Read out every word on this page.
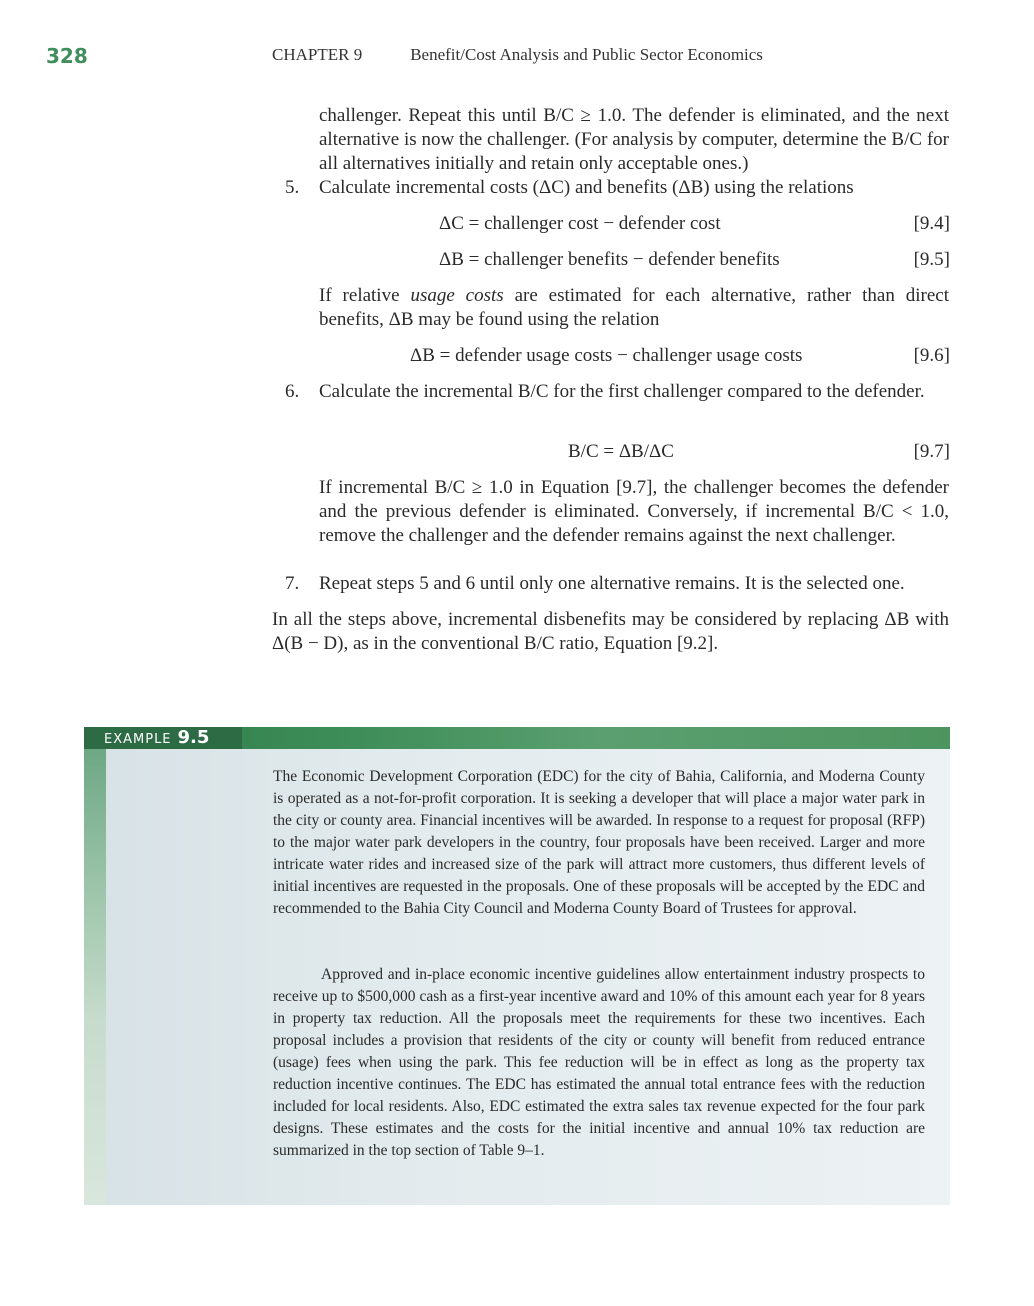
328	CHAPTER 9	Benefit/Cost Analysis and Public Sector Economics

challenger. Repeat this until B/C ≥ 1.0. The defender is eliminated, and the next alternative is now the challenger. (For analysis by computer, determine the B/C for all alternatives initially and retain only acceptable ones.)

5. Calculate incremental costs (ΔC) and benefits (ΔB) using the relations

ΔC = challenger cost − defender cost	[9.4]
ΔB = challenger benefits − defender benefits	[9.5]

If relative usage costs are estimated for each alternative, rather than direct benefits, ΔB may be found using the relation

ΔB = defender usage costs − challenger usage costs	[9.6]
6. Calculate the incremental B/C for the first challenger compared to the defender.

B/C = ΔB/ΔC	[9.7]

If incremental B/C ≥ 1.0 in Equation [9.7], the challenger becomes the defender and the previous defender is eliminated. Conversely, if incremental B/C < 1.0, remove the challenger and the defender remains against the next challenger.

7. Repeat steps 5 and 6 until only one alternative remains. It is the selected one.

In all the steps above, incremental disbenefits may be considered by replacing ΔB with Δ(B − D), as in the conventional B/C ratio, Equation [9.2].

EXAMPLE 9.5

The Economic Development Corporation (EDC) for the city of Bahia, California, and Moderna County is operated as a not-for-profit corporation. It is seeking a developer that will place a major water park in the city or county area. Financial incentives will be awarded. In response to a request for proposal (RFP) to the major water park developers in the country, four proposals have been received. Larger and more intricate water rides and increased size of the park will attract more customers, thus different levels of initial incentives are requested in the proposals. One of these proposals will be accepted by the EDC and recommended to the Bahia City Council and Moderna County Board of Trustees for approval.

Approved and in-place economic incentive guidelines allow entertainment industry prospects to receive up to $500,000 cash as a first-year incentive award and 10% of this amount each year for 8 years in property tax reduction. All the proposals meet the requirements for these two incentives. Each proposal includes a provision that residents of the city or county will benefit from reduced entrance (usage) fees when using the park. This fee reduction will be in effect as long as the property tax reduction incentive continues. The EDC has estimated the annual total entrance fees with the reduction included for local residents. Also, EDC estimated the extra sales tax revenue expected for the four park designs. These estimates and the costs for the initial incentive and annual 10% tax reduction are summarized in the top section of Table 9–1.
